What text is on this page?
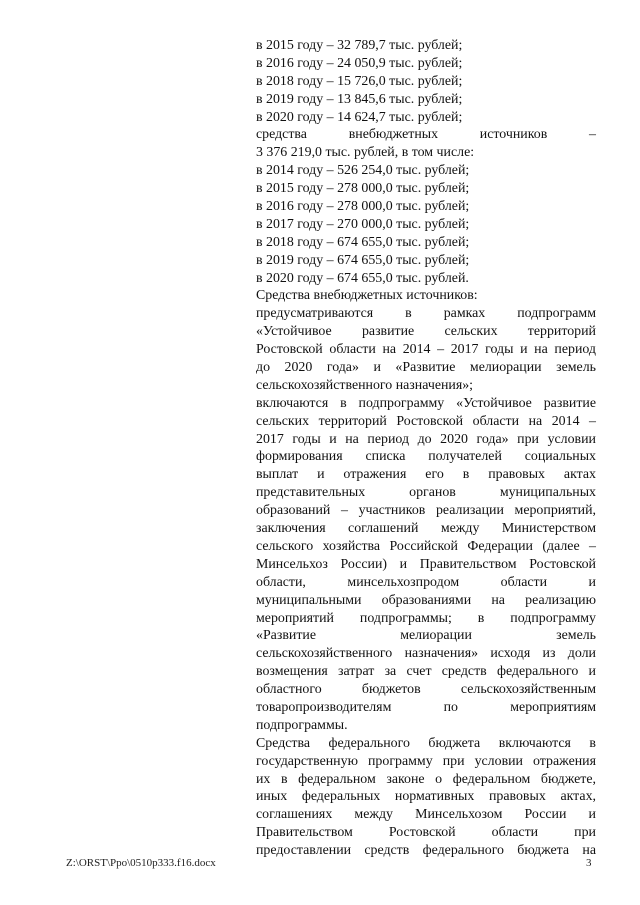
в 2015 году – 32 789,7 тыс. рублей;
в 2016 году – 24 050,9 тыс. рублей;
в 2018 году – 15 726,0 тыс. рублей;
в 2019 году – 13 845,6 тыс. рублей;
в 2020 году – 14 624,7 тыс. рублей;
средства внебюджетных источников –
3 376 219,0 тыс. рублей, в том числе:
в 2014 году – 526 254,0 тыс. рублей;
в 2015 году – 278 000,0 тыс. рублей;
в 2016 году – 278 000,0 тыс. рублей;
в 2017 году – 270 000,0 тыс. рублей;
в 2018 году – 674 655,0 тыс. рублей;
в 2019 году – 674 655,0 тыс. рублей;
в 2020 году – 674 655,0 тыс. рублей.
Средства внебюджетных источников:
предусматриваются в рамках подпрограмм
«Устойчивое развитие сельских территорий
Ростовской области на 2014 – 2017 годы и на период
до 2020 года» и «Развитие мелиорации земель
сельскохозяйственного назначения»;
включаются в подпрограмму «Устойчивое развитие
сельских территорий Ростовской области на 2014 –
2017 годы и на период до 2020 года» при условии
формирования списка получателей социальных
выплат и отражения его в правовых актах
представительных органов муниципальных
образований – участников реализации мероприятий,
заключения соглашений между Министерством
сельского хозяйства Российской Федерации (далее –
Минсельхоз России) и Правительством Ростовской
области, минсельхозпродом области и
муниципальными образованиями на реализацию
мероприятий подпрограммы; в подпрограмму
«Развитие мелиорации земель
сельскохозяйственного назначения» исходя из доли
возмещения затрат за счет средств федерального и
областного бюджетов сельскохозяйственным
товаропроизводителям по мероприятиям
подпрограммы.
Средства федерального бюджета включаются в
государственную программу при условии отражения
их в федеральном законе о федеральном бюджете,
иных федеральных нормативных правовых актах,
соглашениях между Минсельхозом России и
Правительством Ростовской области при
предоставлении средств федерального бюджета на
Z:\ORST\Ppo\0510p333.f16.docx	3
